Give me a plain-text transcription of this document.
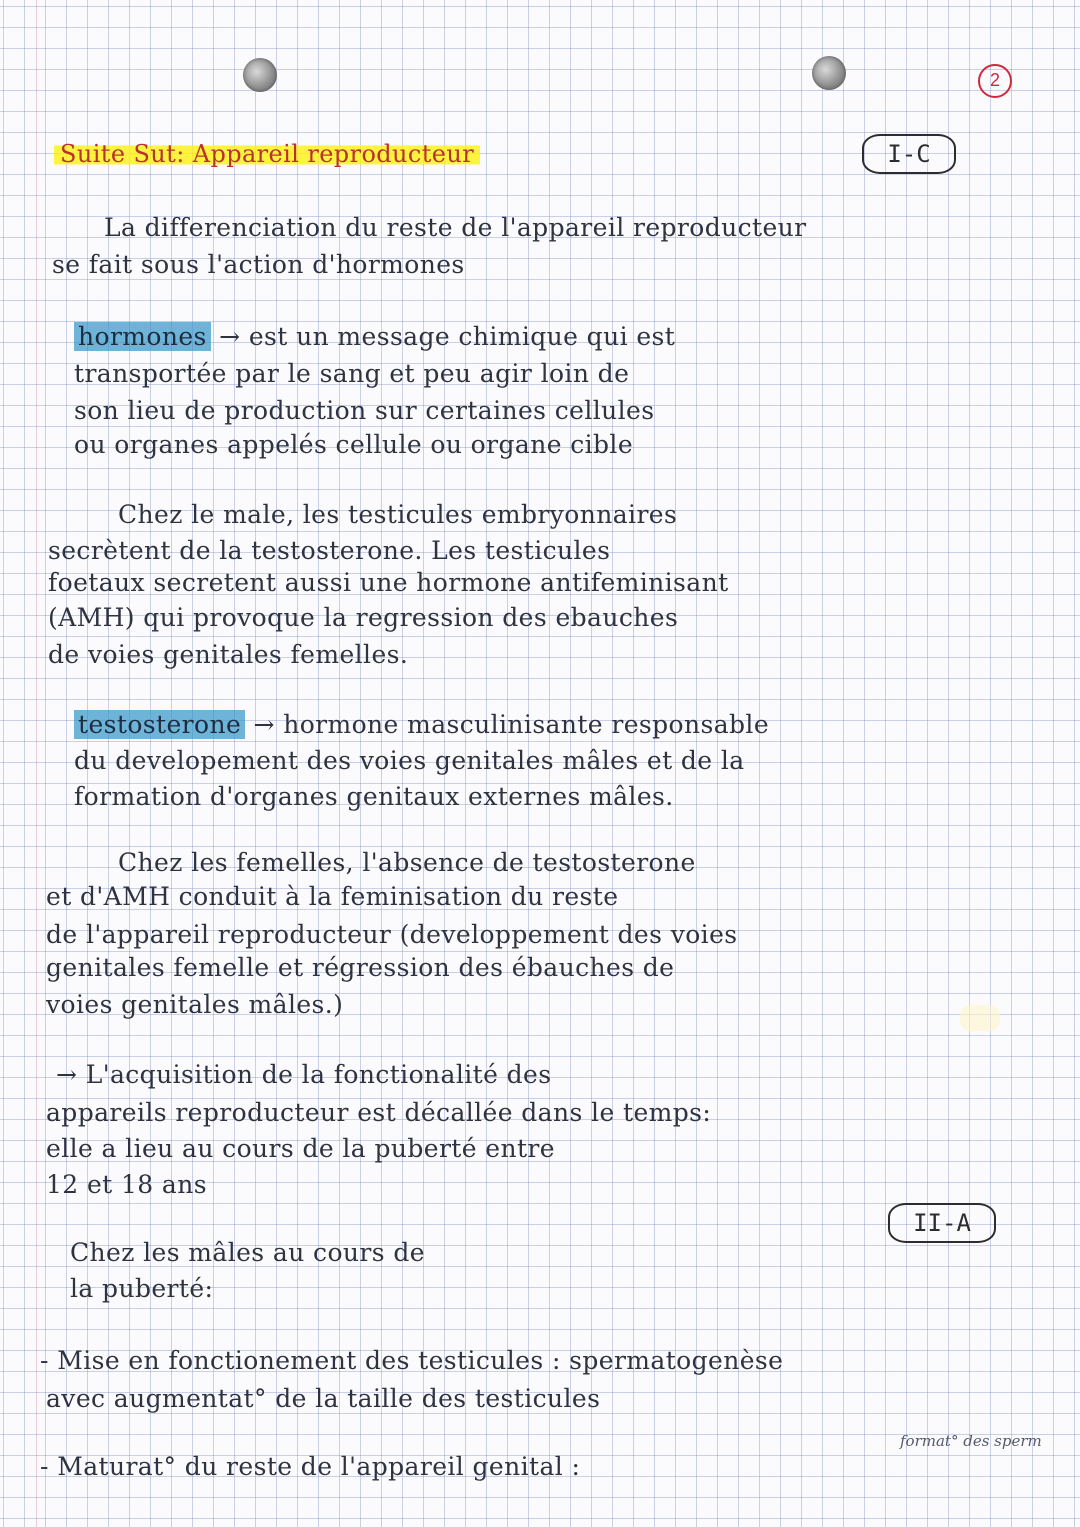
2
Suite Sut: Appareil reproducteur	I-C
La differenciation du reste de l'appareil reproducteur
se fait sous l'action d'hormones
hormones → est un message chimique qui est
transportée par le sang et peu agir loin de
son lieu de production sur certaines cellules
ou organes appelés cellule ou organe cible
Chez le male, les testicules embryonnaires
secrètent de la testosterone. Les testicules
foetaux secretent aussi une hormone antifeminisant
(AMH) qui provoque la regression des ebauches
de voies genitales femelles.
testosterone → hormone masculinisante responsable
du developement des voies genitales mâles et de la
formation d'organes genitaux externes mâles.
Chez les femelles, l'absence de testosterone
et d'AMH conduit à la feminisation du reste
de l'appareil reproducteur (developpement des voies
genitales femelle et régression des ébauches de
voies genitales mâles.)
→ L'acquisition de la fonctionalité des
appareils reproducteur est décallée dans le temps:
elle a lieu au cours de la puberté entre
12 et 18 ans
II-A
Chez les mâles au cours de
la puberté:
- Mise en fonctionement des testicules : spermatogenèse
avec augmentat° de la taille des testicules
format° des sperm
- Maturat° du reste de l'appareil genital :
